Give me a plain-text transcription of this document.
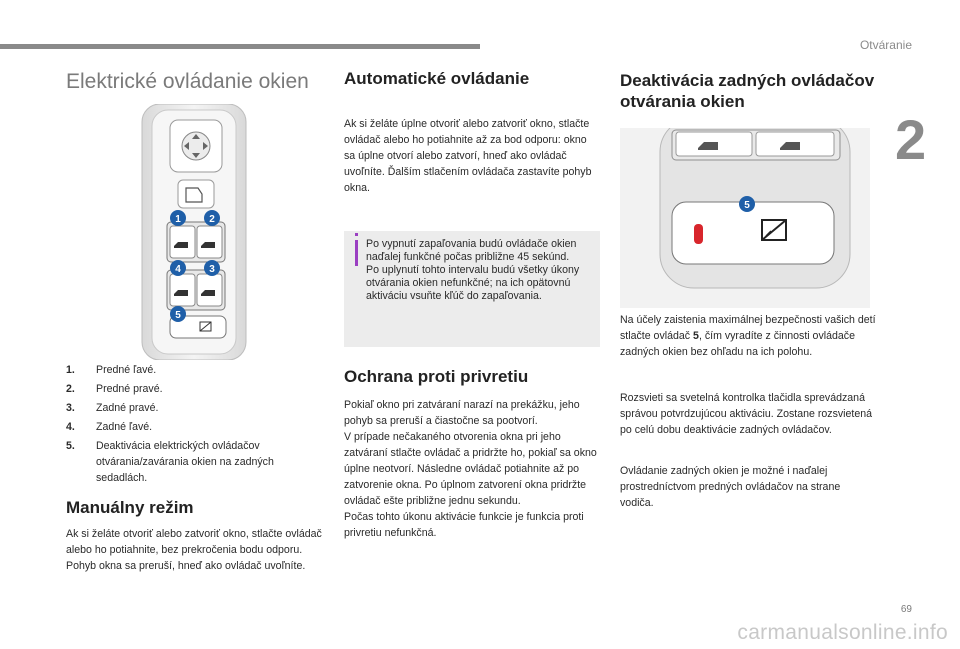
Otváranie
2
Elektrické ovládanie okien
1	2
4	3
5
1. Predné ľavé.
2. Predné pravé.
3. Zadné pravé.
4. Zadné ľavé.
5. Deaktivácia elektrických ovládačov otvárania/zavárania okien na zadných sedadlách.
Manuálny režim

Ak si želáte otvoriť alebo zatvoriť okno, stlačte ovládač alebo ho potiahnite, bez prekročenia bodu odporu. Pohyb okna sa preruší, hneď ako ovládač uvoľníte.

Automatické ovládanie

Ak si želáte úplne otvoriť alebo zatvoriť okno, stlačte ovládač alebo ho potiahnite až za bod odporu: okno sa úplne otvorí alebo zatvorí, hneď ako ovládač uvoľníte. Ďalším stlačením ovládača zastavíte pohyb okna.

Po vypnutí zapaľovania budú ovládače okien naďalej funkčné počas približne 45 sekúnd.
Po uplynutí tohto intervalu budú všetky úkony otvárania okien nefunkčné; na ich opätovnú aktiváciu vsuňte kľúč do zapaľovania.

Ochrana proti privretiu

Pokiaľ okno pri zatváraní narazí na prekážku, jeho pohyb sa preruší a čiastočne sa pootvorí.
V prípade nečakaného otvorenia okna pri jeho zatváraní stlačte ovládač a pridržte ho, pokiaľ sa okno úplne neotvorí. Následne ovládač potiahnite až po zatvorenie okna. Po úplnom zatvorení okna pridržte ovládač ešte približne jednu sekundu.
Počas tohto úkonu aktivácie funkcie je funkcia proti privretiu nefunkčná.

Deaktivácia zadných ovládačov otvárania okien
5

Na účely zaistenia maximálnej bezpečnosti vašich detí stlačte ovládač 5, čím vyradíte z činnosti ovládače zadných okien bez ohľadu na ich polohu.

Rozsvieti sa svetelná kontrolka tlačidla sprevádzaná správou potvrdzujúcou aktiváciu. Zostane rozsvietená po celú dobu deaktivácie zadných ovládačov.

Ovládanie zadných okien je možné i naďalej prostredníctvom predných ovládačov na strane vodiča.

69
carmanualsonline.info
